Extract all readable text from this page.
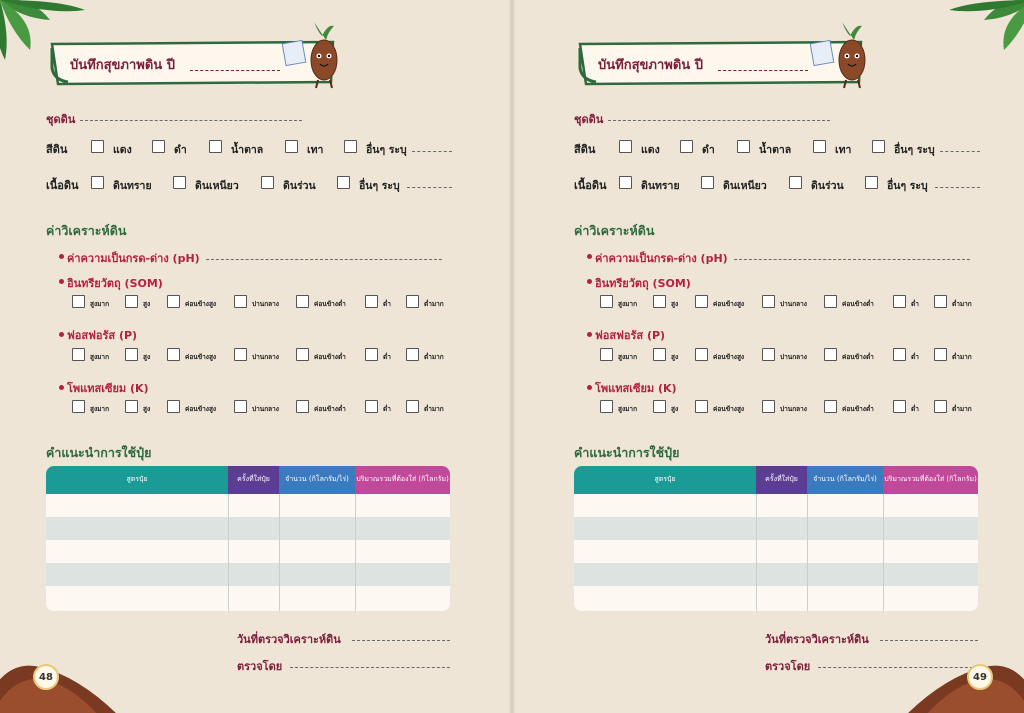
บันทึกสุขภาพดิน ปี
ชุดดิน
สีดิน	แดง	ดำ	น้ำตาล	เทา	อื่นๆ ระบุ
เนื้อดิน	ดินทราย	ดินเหนียว	ดินร่วน	อื่นๆ ระบุ
ค่าวิเคราะห์ดิน
ค่าความเป็นกรด-ด่าง (pH)
อินทรียวัตถุ (SOM)
สูงมาก	สูง	ค่อนข้างสูง	ปานกลาง	ค่อนข้างต่ำ	ต่ำ	ต่ำมาก
ฟอสฟอรัส (P)
สูงมาก	สูง	ค่อนข้างสูง	ปานกลาง	ค่อนข้างต่ำ	ต่ำ	ต่ำมาก
โพแทสเซียม (K)
สูงมาก	สูง	ค่อนข้างสูง	ปานกลาง	ค่อนข้างต่ำ	ต่ำ	ต่ำมาก
คำแนะนำการใช้ปุ๋ย
สูตรปุ๋ย	ครั้งที่ใส่ปุ๋ย	จำนวน (กิโลกรัม/ไร่)	ปริมาณรวมที่ต้องใส่ (กิโลกรัม)
วันที่ตรวจวิเคราะห์ดิน
ตรวจโดย
48
บันทึกสุขภาพดิน ปี
ชุดดิน
สีดิน	แดง	ดำ	น้ำตาล	เทา	อื่นๆ ระบุ
เนื้อดิน	ดินทราย	ดินเหนียว	ดินร่วน	อื่นๆ ระบุ
ค่าวิเคราะห์ดิน
ค่าความเป็นกรด-ด่าง (pH)
อินทรียวัตถุ (SOM)
สูงมาก	สูง	ค่อนข้างสูง	ปานกลาง	ค่อนข้างต่ำ	ต่ำ	ต่ำมาก
ฟอสฟอรัส (P)
สูงมาก	สูง	ค่อนข้างสูง	ปานกลาง	ค่อนข้างต่ำ	ต่ำ	ต่ำมาก
โพแทสเซียม (K)
สูงมาก	สูง	ค่อนข้างสูง	ปานกลาง	ค่อนข้างต่ำ	ต่ำ	ต่ำมาก
คำแนะนำการใช้ปุ๋ย
สูตรปุ๋ย	ครั้งที่ใส่ปุ๋ย	จำนวน (กิโลกรัม/ไร่)	ปริมาณรวมที่ต้องใส่ (กิโลกรัม)
วันที่ตรวจวิเคราะห์ดิน
ตรวจโดย
49
